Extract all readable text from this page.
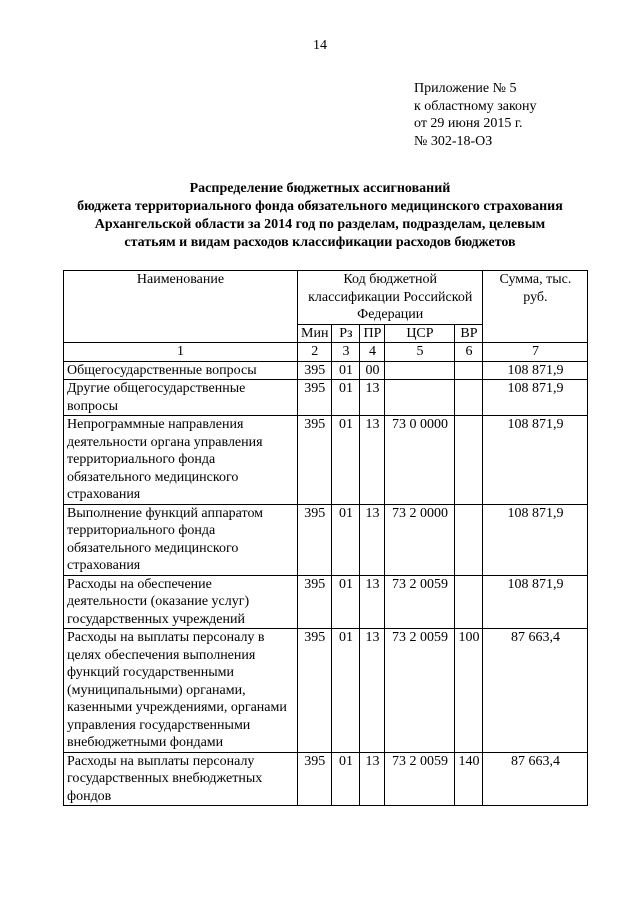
14
Приложение № 5
к областному закону
от 29 июня 2015 г.
№ 302-18-ОЗ
Распределение бюджетных ассигнований
бюджета территориального фонда обязательного медицинского страхования
Архангельской области за 2014 год по разделам, подразделам, целевым
статьям и видам расходов классификации расходов бюджетов
Наименование	Код бюджетной классификации Российской Федерации					Сумма, тыс. руб.
	Мин	Рз	ПР	ЦСР	ВР	
1	2	3	4	5	6	7
Общегосударственные вопросы	395	01	00			108 871,9
Другие общегосударственные вопросы	395	01	13			108 871,9
Непрограммные направления деятельности органа управления территориального фонда обязательного медицинского страхования	395	01	13	73 0 0000		108 871,9
Выполнение функций аппаратом территориального фонда обязательного медицинского страхования	395	01	13	73 2 0000		108 871,9
Расходы на обеспечение деятельности (оказание услуг) государственных учреждений	395	01	13	73 2 0059		108 871,9
Расходы на выплаты персоналу в целях обеспечения выполнения функций государственными (муниципальными) органами, казенными учреждениями, органами управления государственными внебюджетными фондами	395	01	13	73 2 0059	100	87 663,4
Расходы на выплаты персоналу государственных внебюджетных фондов	395	01	13	73 2 0059	140	87 663,4
